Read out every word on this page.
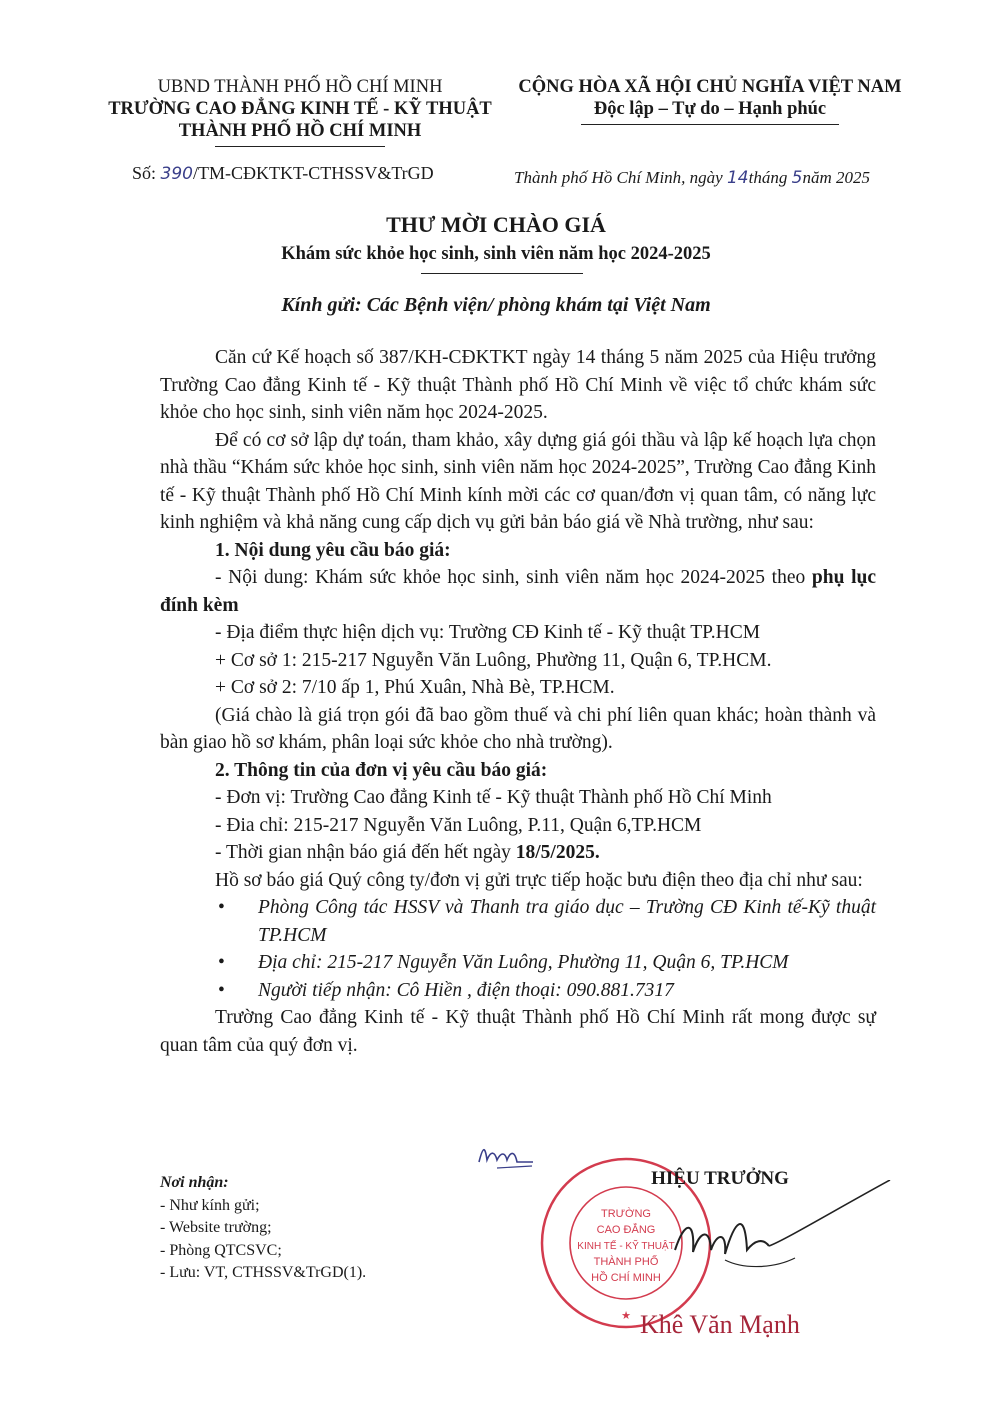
UBND THÀNH PHỐ HỒ CHÍ MINH
TRƯỜNG CAO ĐẲNG KINH TẾ - KỸ THUẬT
THÀNH PHỐ HỒ CHÍ MINH
CỘNG HÒA XÃ HỘI CHỦ NGHĨA VIỆT NAM
Độc lập – Tự do – Hạnh phúc
Số: 390/TM-CĐKTKT-CTHSSV&TrGD	Thành phố Hồ Chí Minh, ngày 14tháng 5năm 2025
THƯ MỜI CHÀO GIÁ
Khám sức khỏe học sinh, sinh viên năm học 2024-2025
Kính gửi: Các Bệnh viện/ phòng khám tại Việt Nam

Căn cứ Kế hoạch số 387/KH-CĐKTKT ngày 14 tháng 5 năm 2025 của Hiệu trưởng Trường Cao đẳng Kinh tế - Kỹ thuật Thành phố Hồ Chí Minh về việc tổ chức khám sức khỏe cho học sinh, sinh viên năm học 2024-2025.

Để có cơ sở lập dự toán, tham khảo, xây dựng giá gói thầu và lập kế hoạch lựa chọn nhà thầu “Khám sức khỏe học sinh, sinh viên năm học 2024-2025”, Trường Cao đẳng Kinh tế - Kỹ thuật Thành phố Hồ Chí Minh kính mời các cơ quan/đơn vị quan tâm, có năng lực kinh nghiệm và khả năng cung cấp dịch vụ gửi bản báo giá về Nhà trường, như sau:

1. Nội dung yêu cầu báo giá:

- Nội dung: Khám sức khỏe học sinh, sinh viên năm học 2024-2025 theo phụ lục đính kèm

- Địa điểm thực hiện dịch vụ: Trường CĐ Kinh tế - Kỹ thuật TP.HCM

+ Cơ sở 1: 215-217 Nguyễn Văn Luông, Phường 11, Quận 6, TP.HCM.

+ Cơ sở 2: 7/10 ấp 1, Phú Xuân, Nhà Bè, TP.HCM.

(Giá chào là giá trọn gói đã bao gồm thuế và chi phí liên quan khác; hoàn thành và bàn giao hồ sơ khám, phân loại sức khỏe cho nhà trường).

2. Thông tin của đơn vị yêu cầu báo giá:

- Đơn vị: Trường Cao đẳng Kinh tế - Kỹ thuật Thành phố Hồ Chí Minh

- Đia chỉ: 215-217 Nguyễn Văn Luông, P.11, Quận 6,TP.HCM

- Thời gian nhận báo giá đến hết ngày 18/5/2025.

Hồ sơ báo giá Quý công ty/đơn vị gửi trực tiếp hoặc bưu điện theo địa chỉ như sau:

•	Phòng Công tác HSSV và Thanh tra giáo dục – Trường CĐ Kinh tế-Kỹ thuật TP.HCM
•	Địa chỉ: 215-217 Nguyễn Văn Luông, Phường 11, Quận 6, TP.HCM
•	Người tiếp nhận: Cô Hiền , điện thoại: 090.881.7317

Trường Cao đẳng Kinh tế - Kỹ thuật Thành phố Hồ Chí Minh rất mong được sự quan tâm của quý đơn vị.

Nơi nhận:
- Như kính gửi;
- Website trường;
- Phòng QTCSVC;
- Lưu: VT, CTHSSV&TrGD(1).
TRƯỜNG
CAO ĐẲNG
KINH TẾ - KỸ THUẬT
THÀNH PHỐ
HỒ CHÍ MINH
★
HIỆU TRƯỞNG
Khê Văn Mạnh
